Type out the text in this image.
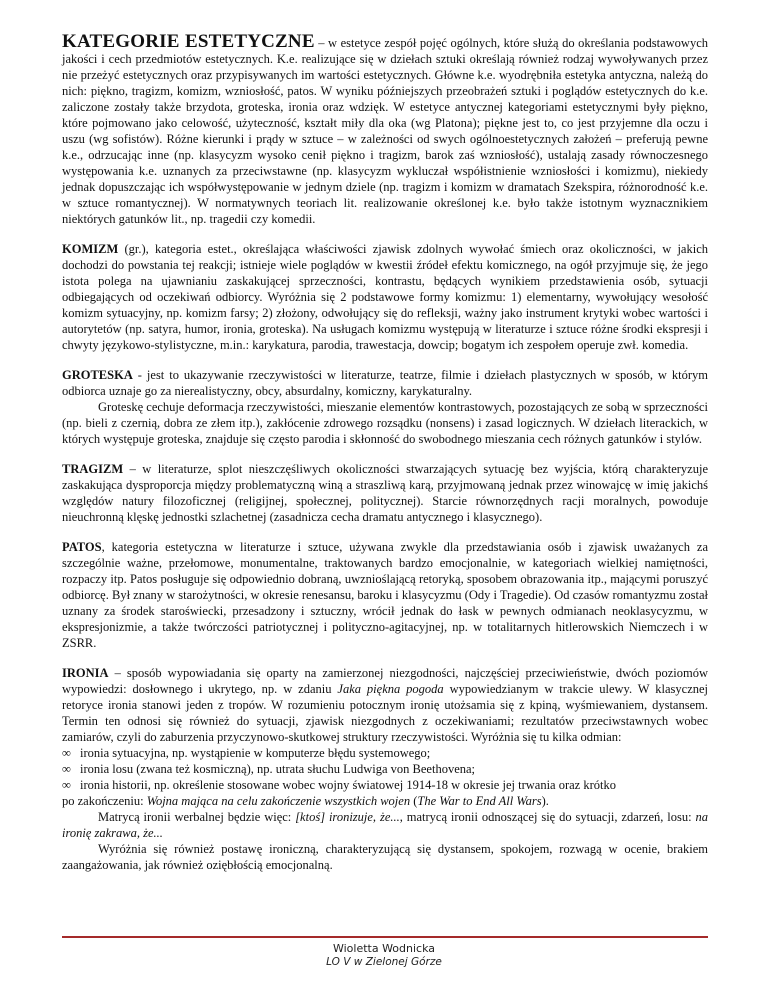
KATEGORIE ESTETYCZNE – w estetyce zespół pojęć ogólnych, które służą do określania podstawowych jakości i cech przedmiotów estetycznych. K.e. realizujące się w dziełach sztuki określają również rodzaj wywoływanych przez nie przeżyć estetycznych oraz przypisywanych im wartości estetycznych. Główne k.e. wyodrębniła estetyka antyczna, należą do nich: piękno, tragizm, komizm, wzniosłość, patos. W wyniku późniejszych przeobrażeń sztuki i poglądów estetycznych do k.e. zaliczone zostały także brzydota, groteska, ironia oraz wdzięk. W estetyce antycznej kategoriami estetycznymi były piękno, które pojmowano jako celowość, użyteczność, kształt miły dla oka (wg Platona); piękne jest to, co jest przyjemne dla oczu i uszu (wg sofistów). Różne kierunki i prądy w sztuce – w zależności od swych ogólnoestetycznych założeń – preferują pewne k.e., odrzucając inne (np. klasycyzm wysoko cenił piękno i tragizm, barok zaś wzniosłość), ustalają zasady równoczesnego występowania k.e. uznanych za przeciwstawne (np. klasycyzm wykluczał współistnienie wzniosłości i komizmu), niekiedy jednak dopuszczając ich współwystępowanie w jednym dziele (np. tragizm i komizm w dramatach Szekspira, różnorodność k.e. w sztuce romantycznej). W normatywnych teoriach lit. realizowanie określonej k.e. było także istotnym wyznacznikiem niektórych gatunków lit., np. tragedii czy komedii.

KOMIZM (gr.), kategoria estet., określająca właściwości zjawisk zdolnych wywołać śmiech oraz okoliczności, w jakich dochodzi do powstania tej reakcji; istnieje wiele poglądów w kwestii źródeł efektu komicznego, na ogół przyjmuje się, że jego istota polega na ujawnianiu zaskakującej sprzeczności, kontrastu, będących wynikiem przedstawienia osób, sytuacji odbiegających od oczekiwań odbiorcy. Wyróżnia się 2 podstawowe formy komizmu: 1) elementarny, wywołujący wesołość komizm sytuacyjny, np. komizm farsy; 2) złożony, odwołujący się do refleksji, ważny jako instrument krytyki wobec wartości i autorytetów (np. satyra, humor, ironia, groteska). Na usługach komizmu występują w literaturze i sztuce różne środki ekspresji i chwyty językowo-stylistyczne, m.in.: karykatura, parodia, trawestacja, dowcip; bogatym ich zespołem operuje zwł. komedia.

GROTESKA - jest to ukazywanie rzeczywistości w literaturze, teatrze, filmie i dziełach plastycznych w sposób, w którym odbiorca uznaje go za nierealistyczny, obcy, absurdalny, komiczny, karykaturalny.

Groteskę cechuje deformacja rzeczywistości, mieszanie elementów kontrastowych, pozostających ze sobą w sprzeczności (np. bieli z czernią, dobra ze złem itp.), zakłócenie zdrowego rozsądku (nonsens) i zasad logicznych. W dziełach literackich, w których występuje groteska, znajduje się często parodia i skłonność do swobodnego mieszania cech różnych gatunków i stylów.

TRAGIZM – w literaturze, splot nieszczęśliwych okoliczności stwarzających sytuację bez wyjścia, którą charakteryzuje zaskakująca dysproporcja między problematyczną winą a straszliwą karą, przyjmowaną jednak przez winowajcę w imię jakichś względów natury filozoficznej (religijnej, społecznej, politycznej). Starcie równorzędnych racji moralnych, powoduje nieuchronną klęskę jednostki szlachetnej (zasadnicza cecha dramatu antycznego i klasycznego).

PATOS, kategoria estetyczna w literaturze i sztuce, używana zwykle dla przedstawiania osób i zjawisk uważanych za szczególnie ważne, przełomowe, monumentalne, traktowanych bardzo emocjonalnie, w kategoriach wielkiej namiętności, rozpaczy itp. Patos posługuje się odpowiednio dobraną, uwznioślającą retoryką, sposobem obrazowania itp., mającymi poruszyć odbiorcę. Był znany w starożytności, w okresie renesansu, baroku i klasycyzmu (Ody i Tragedie). Od czasów romantyzmu został uznany za środek staroświecki, przesadzony i sztuczny, wrócił jednak do łask w pewnych odmianach neoklasycyzmu, w ekspresjonizmie, a także twórczości patriotycznej i polityczno-agitacyjnej, np. w totalitarnych hitlerowskich Niemczech i w ZSRR.

IRONIA – sposób wypowiadania się oparty na zamierzonej niezgodności, najczęściej przeciwieństwie, dwóch poziomów wypowiedzi: dosłownego i ukrytego, np. w zdaniu Jaka piękna pogoda wypowiedzianym w trakcie ulewy. W klasycznej retoryce ironia stanowi jeden z tropów. W rozumieniu potocznym ironię utożsamia się z kpiną, wyśmiewaniem, dystansem. Termin ten odnosi się również do sytuacji, zjawisk niezgodnych z oczekiwaniami; rezultatów przeciwstawnych wobec zamiarów, czyli do zaburzenia przyczynowo-skutkowej struktury rzeczywistości. Wyróżnia się tu kilka odmian:

∞ ironia sytuacyjna, np. wystąpienie w komputerze błędu systemowego;
∞ ironia losu (zwana też kosmiczną), np. utrata słuchu Ludwiga von Beethovena;
∞ ironia historii, np. określenie stosowane wobec wojny światowej 1914-18 w okresie jej trwania oraz krótko

po zakończeniu: Wojna mająca na celu zakończenie wszystkich wojen (The War to End All Wars).

Matrycą ironii werbalnej będzie więc: [ktoś] ironizuje, że..., matrycą ironii odnoszącej się do sytuacji, zdarzeń, losu: na ironię zakrawa, że...

Wyróżnia się również postawę ironiczną, charakteryzującą się dystansem, spokojem, rozwagą w ocenie, brakiem zaangażowania, jak również oziębłością emocjonalną.

Wioletta Wodnicka
LO V w Zielonej Górze
